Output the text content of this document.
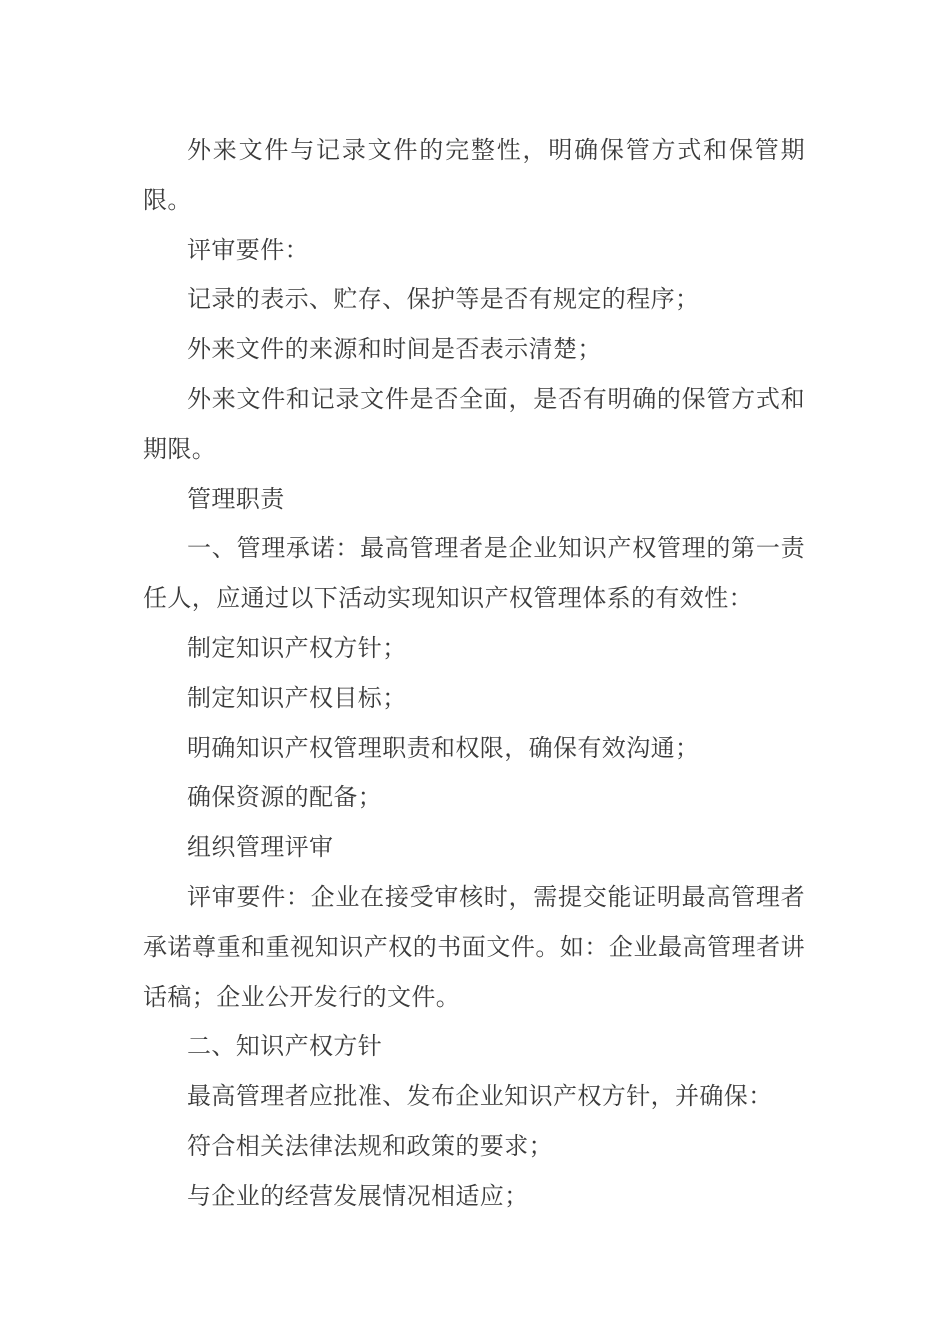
外来文件与记录文件的完整性，明确保管方式和保管期限。

评审要件：

记录的表示、贮存、保护等是否有规定的程序；

外来文件的来源和时间是否表示清楚；

外来文件和记录文件是否全面，是否有明确的保管方式和期限。

管理职责

一、管理承诺：最高管理者是企业知识产权管理的第一责任人，应通过以下活动实现知识产权管理体系的有效性：

制定知识产权方针；

制定知识产权目标；

明确知识产权管理职责和权限，确保有效沟通；

确保资源的配备；

组织管理评审

评审要件：企业在接受审核时，需提交能证明最高管理者承诺尊重和重视知识产权的书面文件。如：企业最高管理者讲话稿；企业公开发行的文件。

二、知识产权方针

最高管理者应批准、发布企业知识产权方针，并确保：

符合相关法律法规和政策的要求；

与企业的经营发展情况相适应；
